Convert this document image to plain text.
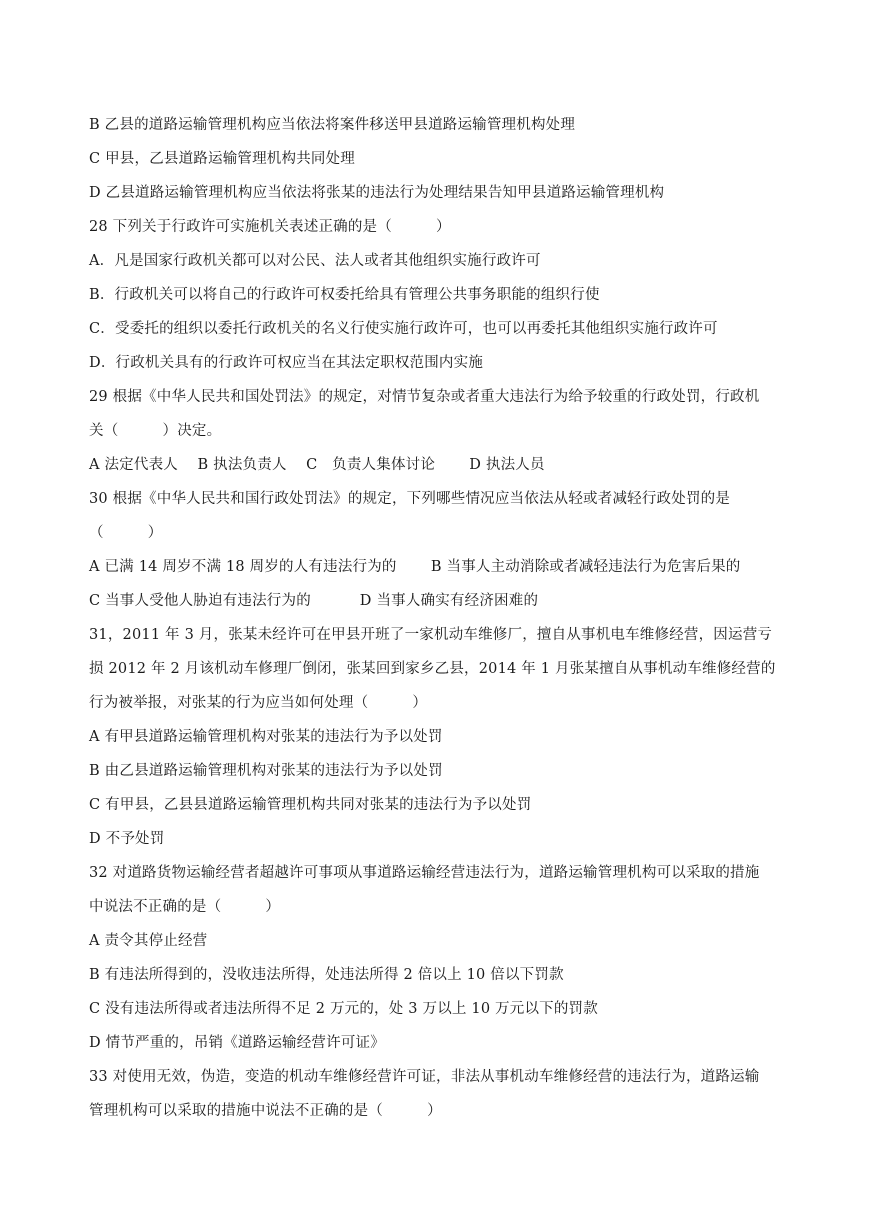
B 乙县的道路运输管理机构应当依法将案件移送甲县道路运输管理机构处理
C 甲县，乙县道路运输管理机构共同处理
D 乙县道路运输管理机构应当依法将张某的违法行为处理结果告知甲县道路运输管理机构
28 下列关于行政许可实施机关表述正确的是（　　　）
A．凡是国家行政机关都可以对公民、法人或者其他组织实施行政许可
B．行政机关可以将自己的行政许可权委托给具有管理公共事务职能的组织行使
C．受委托的组织以委托行政机关的名义行使实施行政许可，也可以再委托其他组织实施行政许可
D．行政机关具有的行政许可权应当在其法定职权范围内实施
29 根据《中华人民共和国处罚法》的规定，对情节复杂或者重大违法行为给予较重的行政处罚，行政机
关（　　　）决定。
A 法定代表人　 B 执法负责人　 C　负责人集体讨论　　 D 执法人员
30 根据《中华人民共和国行政处罚法》的规定，下列哪些情况应当依法从轻或者减轻行政处罚的是
（　　　）
A 已满 14 周岁不满 18 周岁的人有违法行为的　　 B 当事人主动消除或者减轻违法行为危害后果的
C 当事人受他人胁迫有违法行为的　　　 D 当事人确实有经济困难的
31，2011 年 3 月，张某未经许可在甲县开班了一家机动车维修厂，擅自从事机电车维修经营，因运营亏
损 2012 年 2 月该机动车修理厂倒闭，张某回到家乡乙县，2014 年 1 月张某擅自从事机动车维修经营的
行为被举报，对张某的行为应当如何处理（　　　）
A 有甲县道路运输管理机构对张某的违法行为予以处罚
B 由乙县道路运输管理机构对张某的违法行为予以处罚
C 有甲县，乙县县道路运输管理机构共同对张某的违法行为予以处罚
D 不予处罚
32 对道路货物运输经营者超越许可事项从事道路运输经营违法行为，道路运输管理机构可以采取的措施
中说法不正确的是（　　　）
A 责令其停止经营
B 有违法所得到的，没收违法所得，处违法所得 2 倍以上 10 倍以下罚款
C 没有违法所得或者违法所得不足 2 万元的，处 3 万以上 10 万元以下的罚款
D 情节严重的，吊销《道路运输经营许可证》
33 对使用无效，伪造，变造的机动车维修经营许可证，非法从事机动车维修经营的违法行为，道路运输
管理机构可以采取的措施中说法不正确的是（　　　）
